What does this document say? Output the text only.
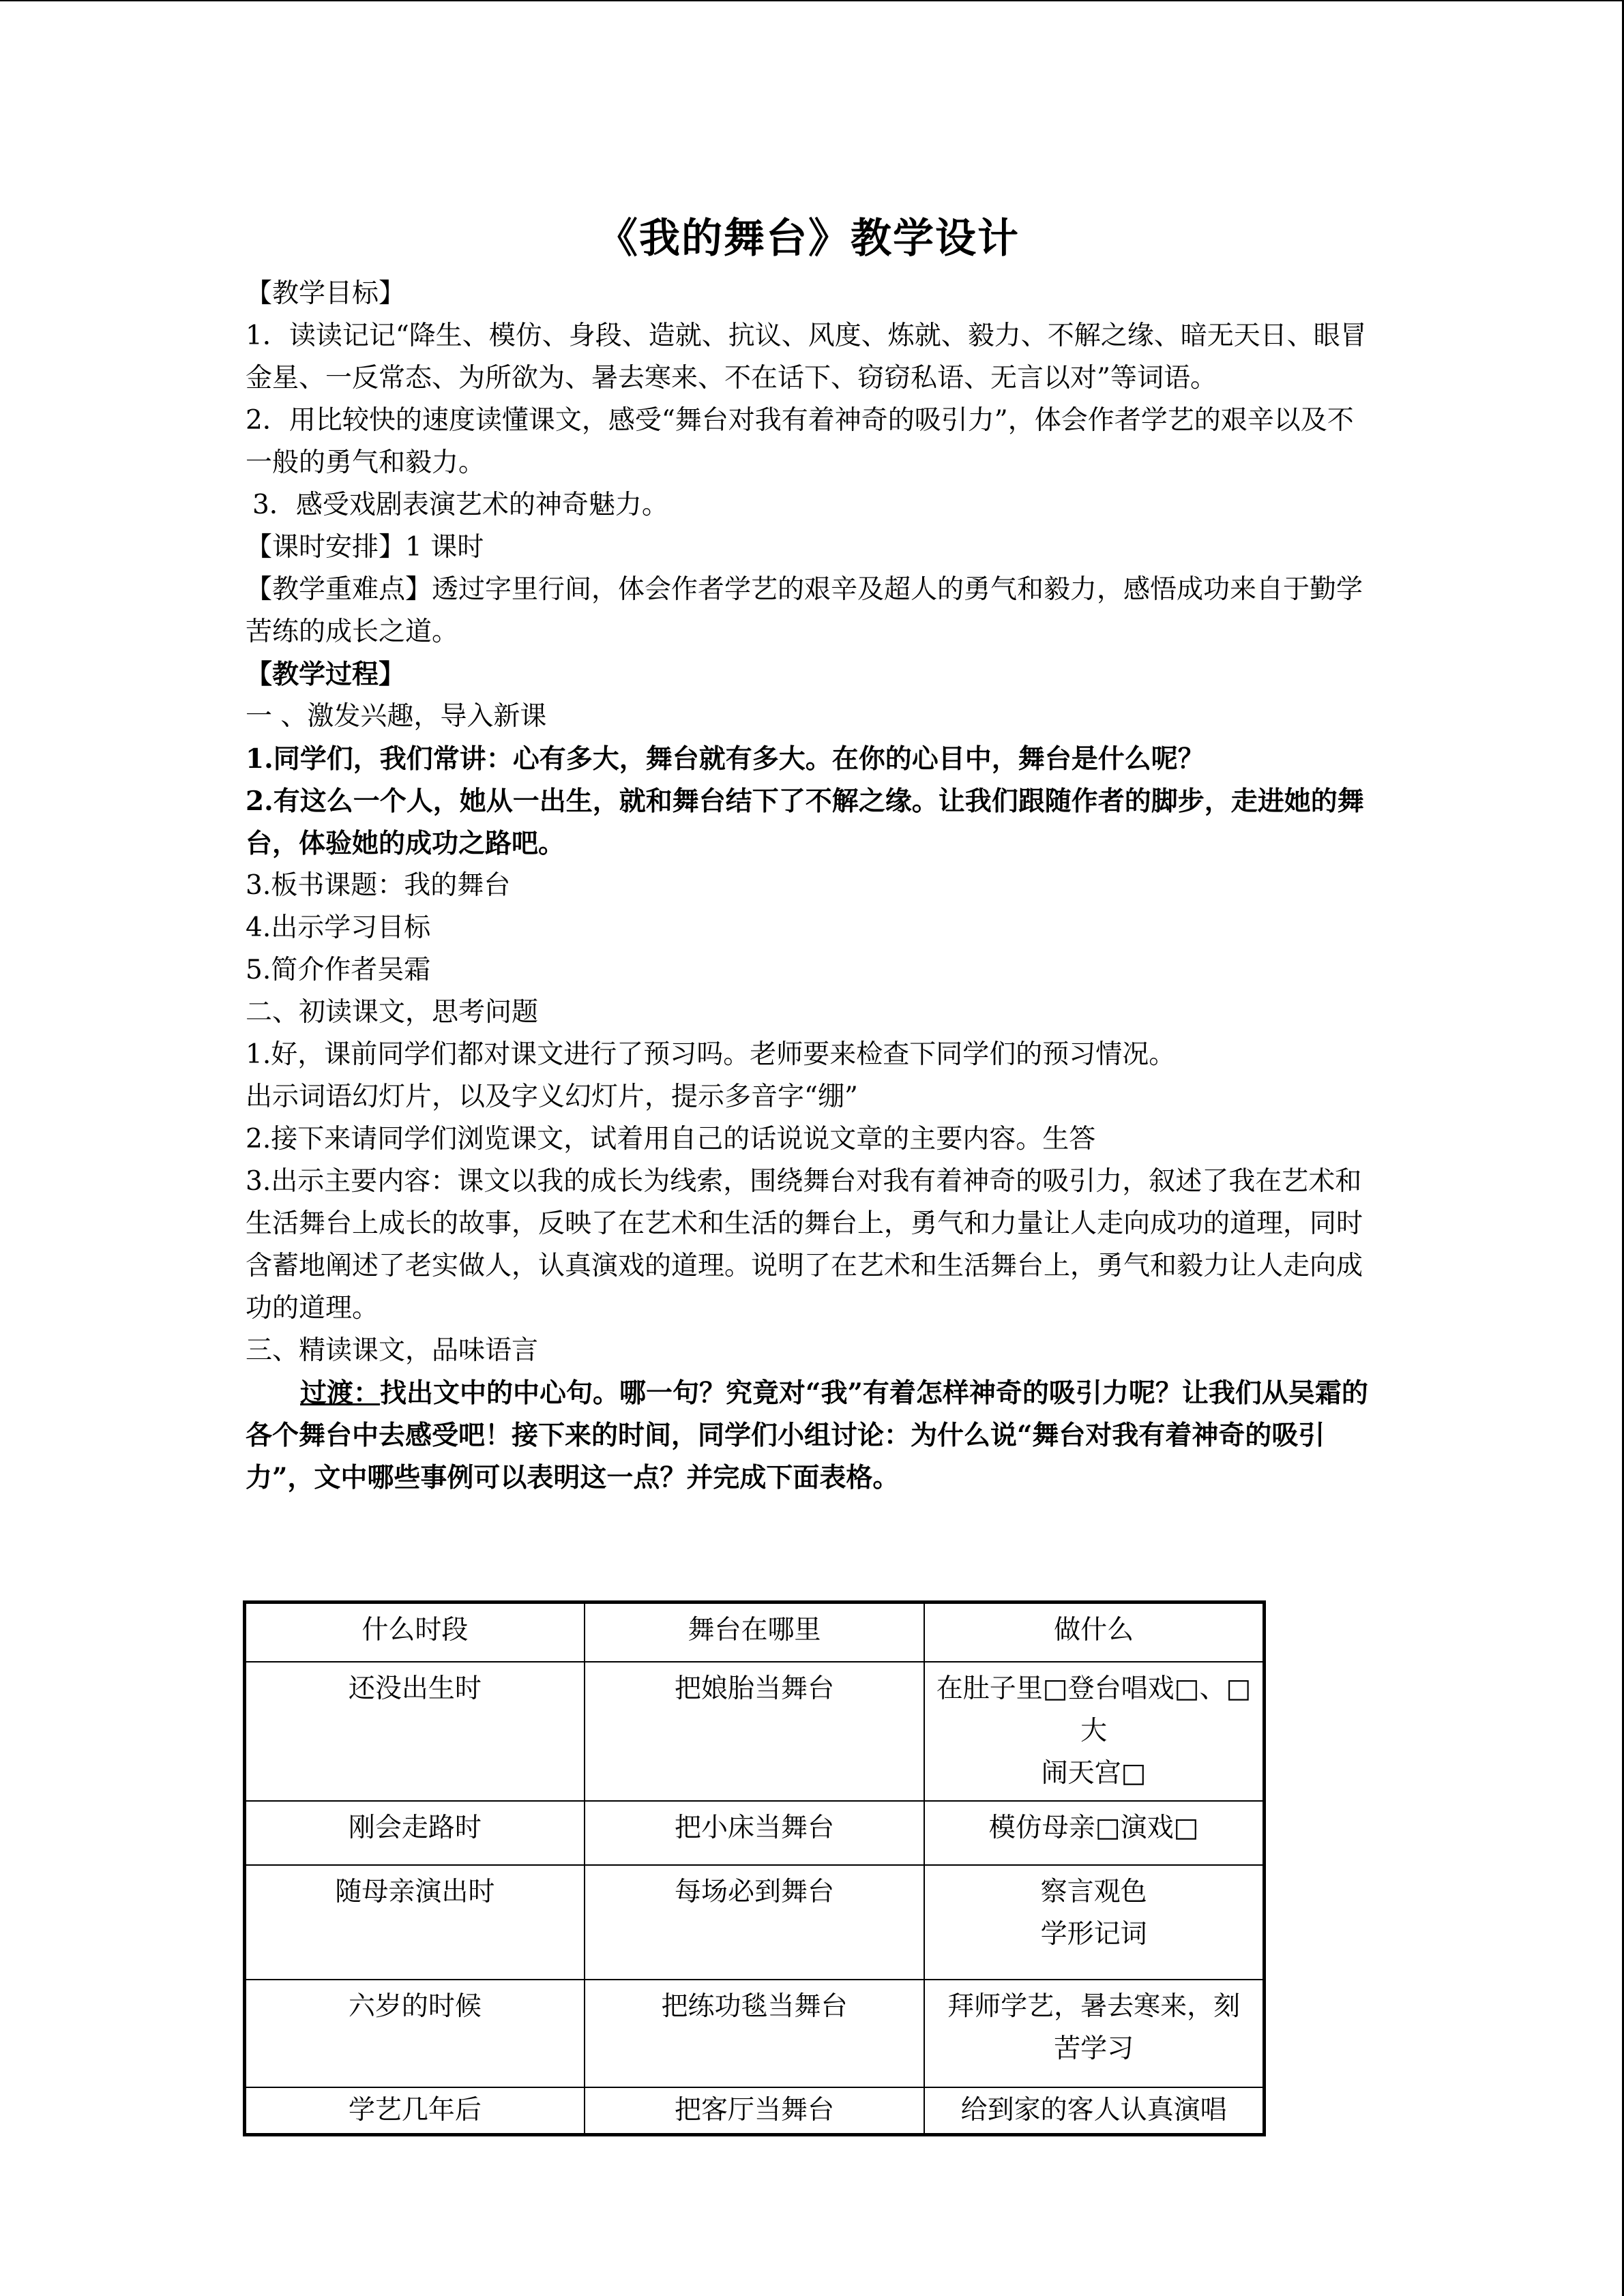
《我的舞台》教学设计

【教学目标】

1．读读记记“降生、模仿、身段、造就、抗议、风度、炼就、毅力、不解之缘、暗无天日、眼冒金星、一反常态、为所欲为、暑去寒来、不在话下、窃窃私语、无言以对”等词语。

2．用比较快的速度读懂课文，感受“舞台对我有着神奇的吸引力”，体会作者学艺的艰辛以及不一般的勇气和毅力。

3．感受戏剧表演艺术的神奇魅力。

【课时安排】1 课时

【教学重难点】透过字里行间，体会作者学艺的艰辛及超人的勇气和毅力，感悟成功来自于勤学苦练的成长之道。

【教学过程】

一 、激发兴趣，导入新课

1.同学们，我们常讲：心有多大，舞台就有多大。在你的心目中，舞台是什么呢？

2.有这么一个人，她从一出生，就和舞台结下了不解之缘。让我们跟随作者的脚步，走进她的舞台，体验她的成功之路吧。

3.板书课题：我的舞台

4.出示学习目标

5.简介作者吴霜

二、初读课文，思考问题

1.好，课前同学们都对课文进行了预习吗。老师要来检查下同学们的预习情况。

出示词语幻灯片，以及字义幻灯片，提示多音字“绷”

2.接下来请同学们浏览课文，试着用自己的话说说文章的主要内容。生答

3.出示主要内容：课文以我的成长为线索，围绕舞台对我有着神奇的吸引力，叙述了我在艺术和生活舞台上成长的故事，反映了在艺术和生活的舞台上，勇气和力量让人走向成功的道理，同时含蓄地阐述了老实做人，认真演戏的道理。说明了在艺术和生活舞台上，勇气和毅力让人走向成功的道理。

三、精读课文，品味语言

过渡：找出文中的中心句。哪一句？究竟对“我”有着怎样神奇的吸引力呢？让我们从吴霜的各个舞台中去感受吧！接下来的时间，同学们小组讨论：为什么说“舞台对我有着神奇的吸引力”，文中哪些事例可以表明这一点？并完成下面表格。

什么时段	舞台在哪里	做什么
还没出生时	把娘胎当舞台	在肚子里□登台唱戏□、□大
闹天宫□

刚会走路时	把小床当舞台	模仿母亲□演戏□
随母亲演出时	每场必到舞台	察言观色
学形记词

六岁的时候	把练功毯当舞台	拜师学艺，暑去寒来，刻
苦学习

学艺几年后	把客厅当舞台	给到家的客人认真演唱
